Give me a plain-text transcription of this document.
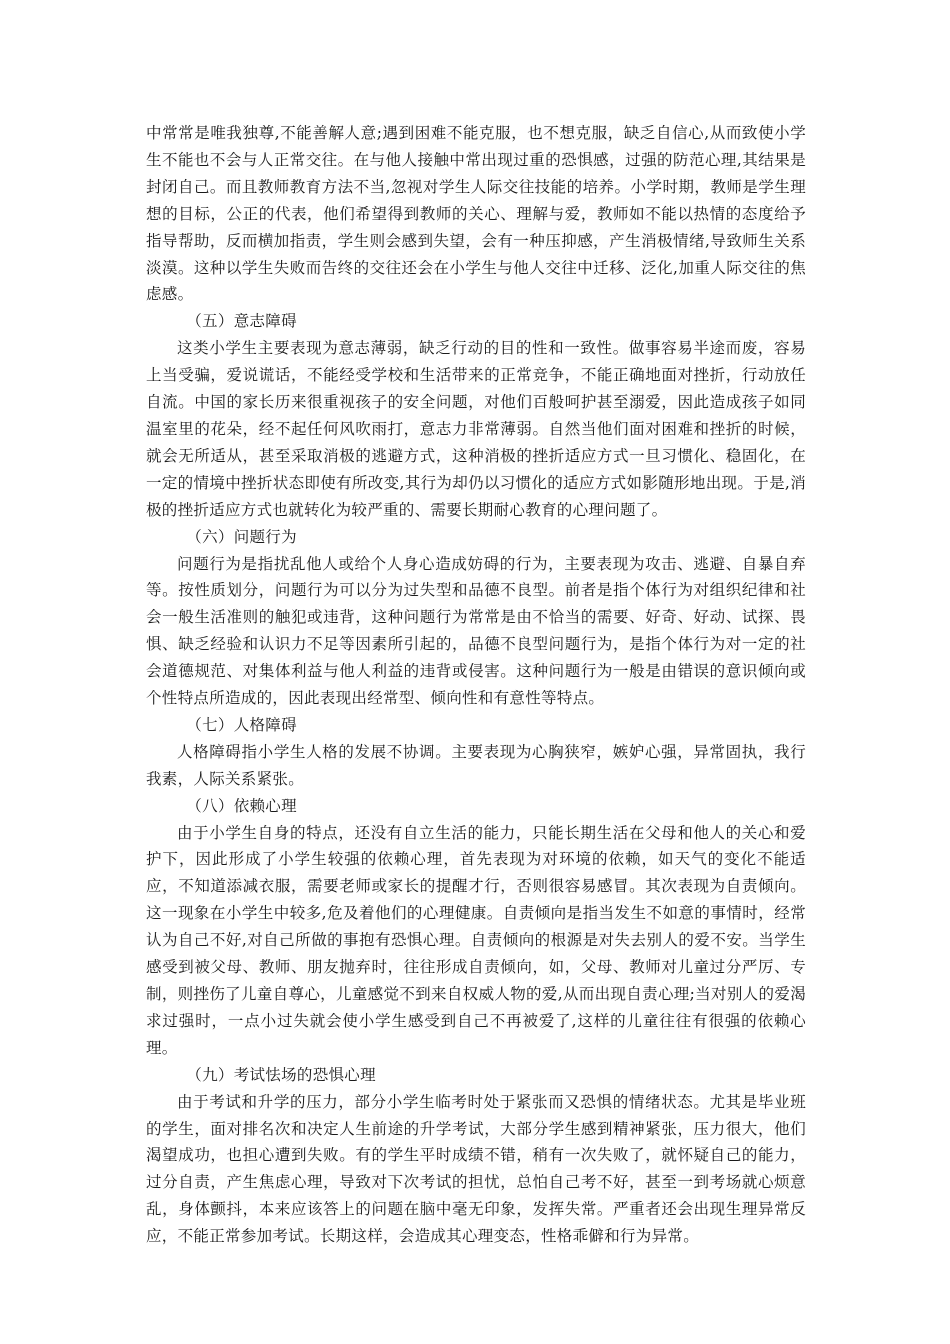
中常常是唯我独尊,不能善解人意;遇到困难不能克服，也不想克服，缺乏自信心,从而致使小学生不能也不会与人正常交往。在与他人接触中常出现过重的恐惧感，过强的防范心理,其结果是封闭自己。而且教师教育方法不当,忽视对学生人际交往技能的培养。小学时期，教师是学生理想的目标，公正的代表，他们希望得到教师的关心、理解与爱，教师如不能以热情的态度给予指导帮助，反而横加指责，学生则会感到失望，会有一种压抑感，产生消极情绪,导致师生关系淡漠。这种以学生失败而告终的交往还会在小学生与他人交往中迁移、泛化,加重人际交往的焦虑感。

（五）意志障碍

这类小学生主要表现为意志薄弱，缺乏行动的目的性和一致性。做事容易半途而废，容易上当受骗，爱说谎话，不能经受学校和生活带来的正常竞争，不能正确地面对挫折，行动放任自流。中国的家长历来很重视孩子的安全问题，对他们百般呵护甚至溺爱，因此造成孩子如同温室里的花朵，经不起任何风吹雨打，意志力非常薄弱。自然当他们面对困难和挫折的时候，就会无所适从，甚至采取消极的逃避方式，这种消极的挫折适应方式一旦习惯化、稳固化，在一定的情境中挫折状态即使有所改变,其行为却仍以习惯化的适应方式如影随形地出现。于是,消极的挫折适应方式也就转化为较严重的、需要长期耐心教育的心理问题了。

（六）问题行为

问题行为是指扰乱他人或给个人身心造成妨碍的行为，主要表现为攻击、逃避、自暴自弃等。按性质划分，问题行为可以分为过失型和品德不良型。前者是指个体行为对组织纪律和社会一般生活准则的触犯或违背，这种问题行为常常是由不恰当的需要、好奇、好动、试探、畏惧、缺乏经验和认识力不足等因素所引起的，品德不良型问题行为，是指个体行为对一定的社会道德规范、对集体利益与他人利益的违背或侵害。这种问题行为一般是由错误的意识倾向或个性特点所造成的，因此表现出经常型、倾向性和有意性等特点。

（七）人格障碍

人格障碍指小学生人格的发展不协调。主要表现为心胸狭窄，嫉妒心强，异常固执，我行我素，人际关系紧张。

（八）依赖心理

由于小学生自身的特点，还没有自立生活的能力，只能长期生活在父母和他人的关心和爱护下，因此形成了小学生较强的依赖心理，首先表现为对环境的依赖，如天气的变化不能适应，不知道添减衣服，需要老师或家长的提醒才行，否则很容易感冒。其次表现为自责倾向。这一现象在小学生中较多,危及着他们的心理健康。自责倾向是指当发生不如意的事情时，经常认为自己不好,对自己所做的事抱有恐惧心理。自责倾向的根源是对失去别人的爱不安。当学生感受到被父母、教师、朋友抛弃时，往往形成自责倾向，如，父母、教师对儿童过分严厉、专制，则挫伤了儿童自尊心，儿童感觉不到来自权威人物的爱,从而出现自责心理;当对别人的爱渴求过强时，一点小过失就会使小学生感受到自己不再被爱了,这样的儿童往往有很强的依赖心理。

（九）考试怯场的恐惧心理

由于考试和升学的压力，部分小学生临考时处于紧张而又恐惧的情绪状态。尤其是毕业班的学生，面对排名次和决定人生前途的升学考试，大部分学生感到精神紧张，压力很大，他们渴望成功，也担心遭到失败。有的学生平时成绩不错，稍有一次失败了，就怀疑自己的能力，过分自责，产生焦虑心理，导致对下次考试的担忧，总怕自己考不好，甚至一到考场就心烦意乱，身体颤抖，本来应该答上的问题在脑中毫无印象，发挥失常。严重者还会出现生理异常反应，不能正常参加考试。长期这样，会造成其心理变态，性格乖僻和行为异常。
